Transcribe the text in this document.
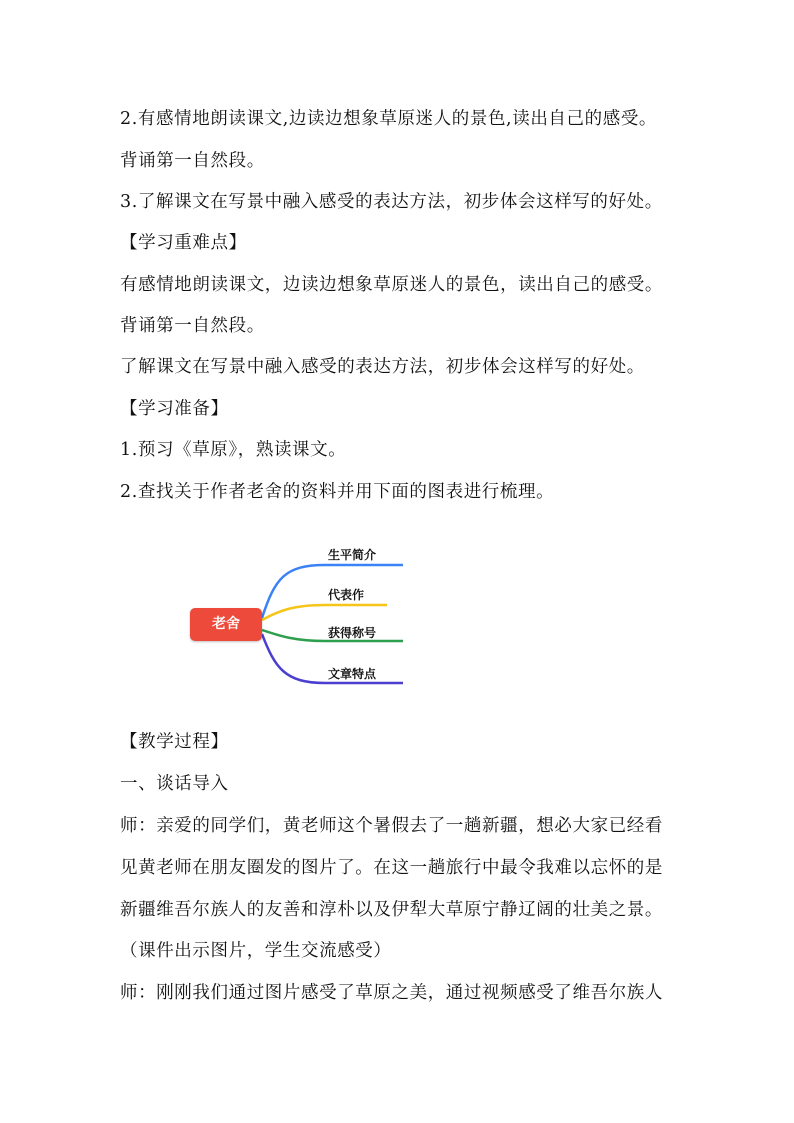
2.有感情地朗读课文,边读边想象草原迷人的景色,读出自己的感受。
背诵第一自然段。
3.了解课文在写景中融入感受的表达方法，初步体会这样写的好处。
【学习重难点】
有感情地朗读课文，边读边想象草原迷人的景色，读出自己的感受。
背诵第一自然段。
了解课文在写景中融入感受的表达方法，初步体会这样写的好处。
【学习准备】
1.预习《草原》，熟读课文。
2.查找关于作者老舍的资料并用下面的图表进行梳理。
老舍
生平简介
代表作
获得称号
文章特点
【教学过程】
一、谈话导入
师：亲爱的同学们，黄老师这个暑假去了一趟新疆，想必大家已经看
见黄老师在朋友圈发的图片了。在这一趟旅行中最令我难以忘怀的是
新疆维吾尔族人的友善和淳朴以及伊犁大草原宁静辽阔的壮美之景。
（课件出示图片，学生交流感受）
师：刚刚我们通过图片感受了草原之美，通过视频感受了维吾尔族人
